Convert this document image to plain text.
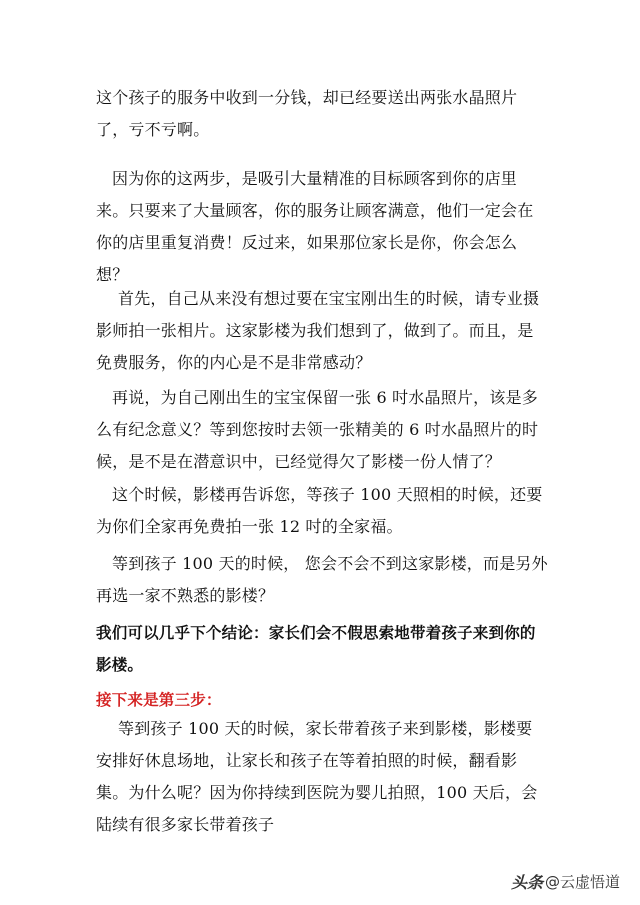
这个孩子的服务中收到一分钱，却已经要送出两张水晶照片了，亏不亏啊。

因为你的这两步，是吸引大量精准的目标顾客到你的店里来。只要来了大量顾客，你的服务让顾客满意，他们一定会在你的店里重复消费！反过来，如果那位家长是你，你会怎么想？

首先，自己从来没有想过要在宝宝刚出生的时候，请专业摄影师拍一张相片。这家影楼为我们想到了，做到了。而且，是免费服务，你的内心是不是非常感动？

再说，为自己刚出生的宝宝保留一张 6 吋水晶照片，该是多么有纪念意义？等到您按时去领一张精美的 6 吋水晶照片的时候，是不是在潜意识中，已经觉得欠了影楼一份人情了？

这个时候，影楼再告诉您，等孩子 100 天照相的时候，还要为你们全家再免费拍一张 12 吋的全家福。

等到孩子 100 天的时候， 您会不会不到这家影楼，而是另外再选一家不熟悉的影楼？

我们可以几乎下个结论：家长们会不假思索地带着孩子来到你的影楼。

接下来是第三步：

等到孩子 100 天的时候，家长带着孩子来到影楼，影楼要安排好休息场地，让家长和孩子在等着拍照的时候，翻看影集。为什么呢？因为你持续到医院为婴儿拍照，100 天后，会陆续有很多家长带着孩子

头条 @云虚悟道
